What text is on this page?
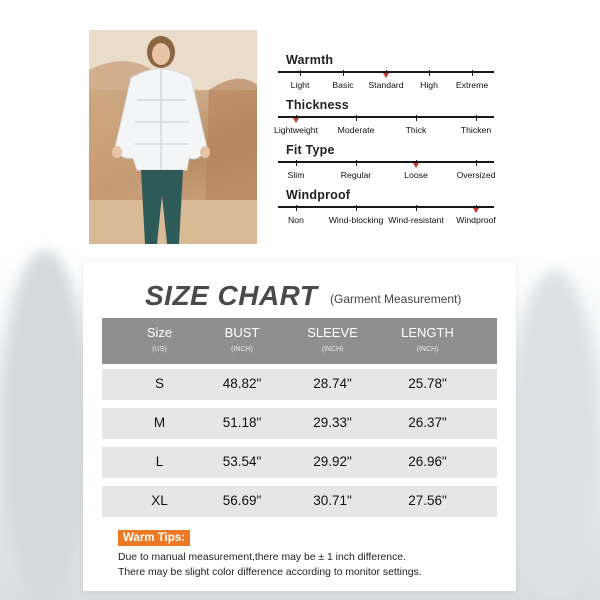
Warmth
Light	Basic Standard High Extreme
Thickness
Lightweight Moderate	Thick	Thicken
Fit Type
Slim	Regular	Loose	Oversized
Windproof
Non	Wind-blocking Wind-resistant Windproof
SIZE CHART (Garment Measurement)
Size
(US)
BUST
(INCH)
SLEEVE
(INCH)
LENGTH
(INCH)
S	48.82"	28.74"	25.78"
M	51.18"	29.33"	26.37"
L	53.54"	29.92"	26.96"
XL	56.69"	30.71"	27.56"
Warm Tips:
Due to manual measurement,there may be ± 1 inch difference.
There may be slight color difference according to monitor settings.
